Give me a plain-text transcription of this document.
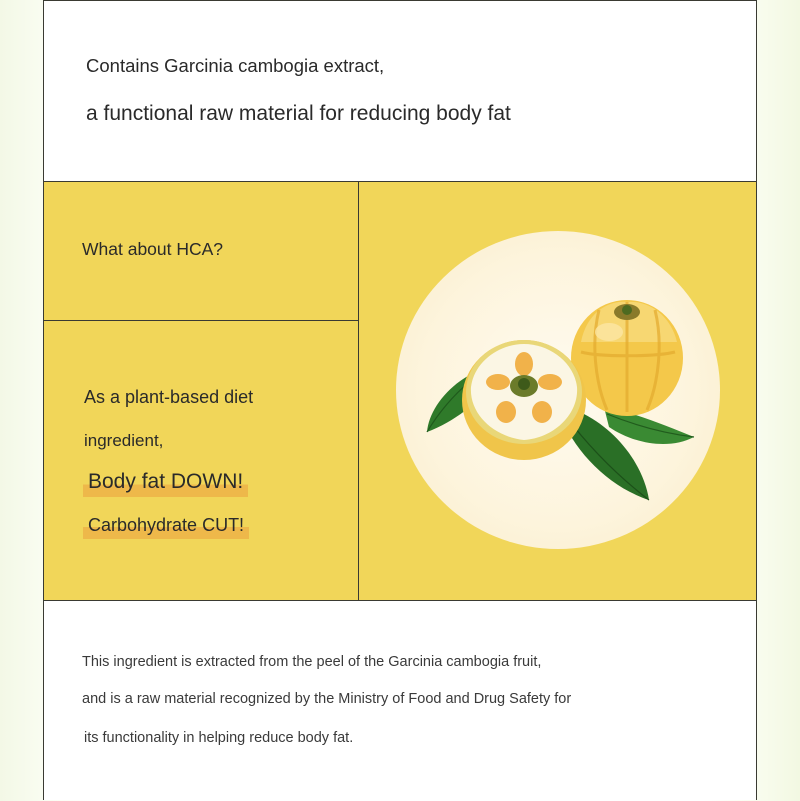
Contains Garcinia cambogia extract,
a functional raw material for reducing body fat
What about HCA?
As a plant-based diet
ingredient,
Body fat DOWN!
Carbohydrate CUT!
This ingredient is extracted from the peel of the Garcinia cambogia fruit,
and is a raw material recognized by the Ministry of Food and Drug Safety for
its functionality in helping reduce body fat.
